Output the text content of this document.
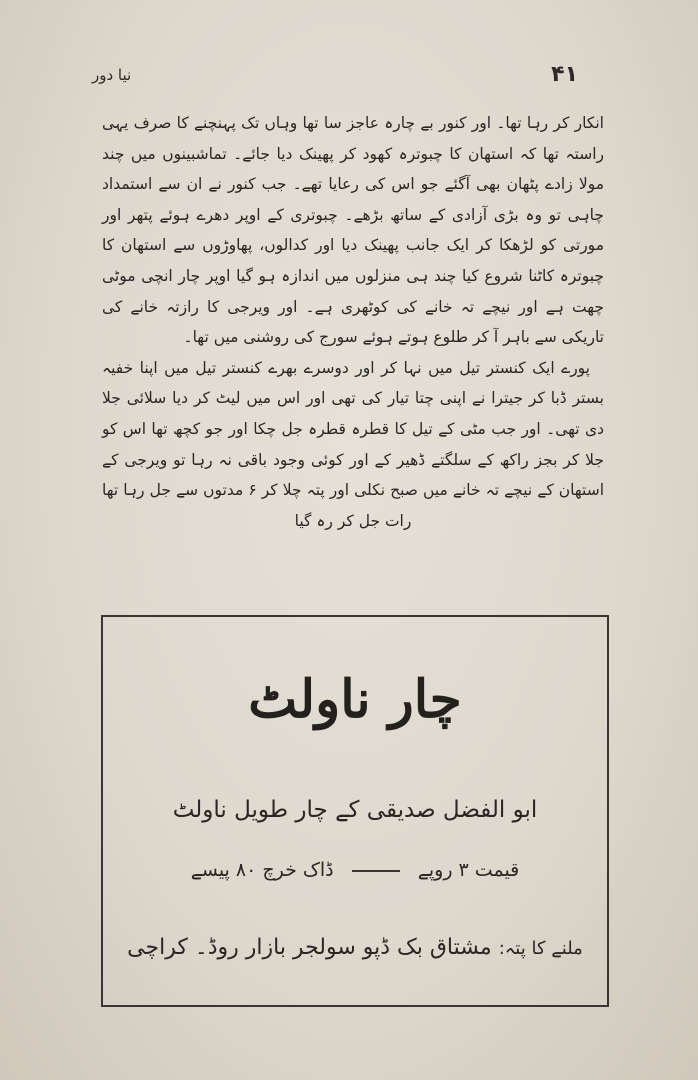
نیا دور	۴۱

انکار کر رہا تھا۔ اور کنور بے چارہ عاجز سا تھا وہاں تک پہنچنے کا صرف یہی راستہ تھا کہ استھان کا چبوترہ کھود کر پھینک دیا جائے۔ تماشبینوں میں چند مولا زادے پٹھان بھی آگئے جو اس کی رعایا تھے۔ جب کنور نے ان سے استمداد چاہی تو وہ بڑی آزادی کے ساتھ بڑھے۔ چبوتری کے اوپر دھرے ہوئے پتھر اور مورتی کو لڑھکا کر ایک جانب پھینک دیا اور کدالوں، پھاوڑوں سے استھان کا چبوترہ کاٹنا شروع کیا چند ہی منزلوں میں اندازہ ہو گیا اوپر چار انچی موٹی چھت ہے اور نیچے تہ خانے کی کوٹھری ہے۔ اور ویرجی کا رازتہ خانے کی تاریکی سے باہر آ کر طلوع ہوتے ہوئے سورج کی روشنی میں تھا۔

پورے ایک کنستر تیل میں نہا کر اور دوسرے بھرے کنستر تیل میں اپنا خفیہ بستر ڈبا کر جیترا نے اپنی چتا تیار کی تھی اور اس میں لیٹ کر دیا سلائی جلا دی تھی۔ اور جب مٹی کے تیل کا قطرہ قطرہ جل چکا اور جو کچھ تھا اس کو جلا کر بجز راکھ کے سلگتے ڈھیر کے اور کوئی وجود باقی نہ رہا تو ویرجی کے استھان کے نیچے تہ خانے میں صبح نکلی اور پتہ چلا کر ۶ مدتوں سے جل رہا تھا رات جل کر رہ گیا

چار ناولٹ
ابو الفضل صدیقی کے چار طویل ناولٹ
قیمت ۳ روپے  ڈاک خرچ ۸۰ پیسے
ملنے کا پتہ: مشتاق بک ڈپو سولجر بازار روڈ۔ کراچی
